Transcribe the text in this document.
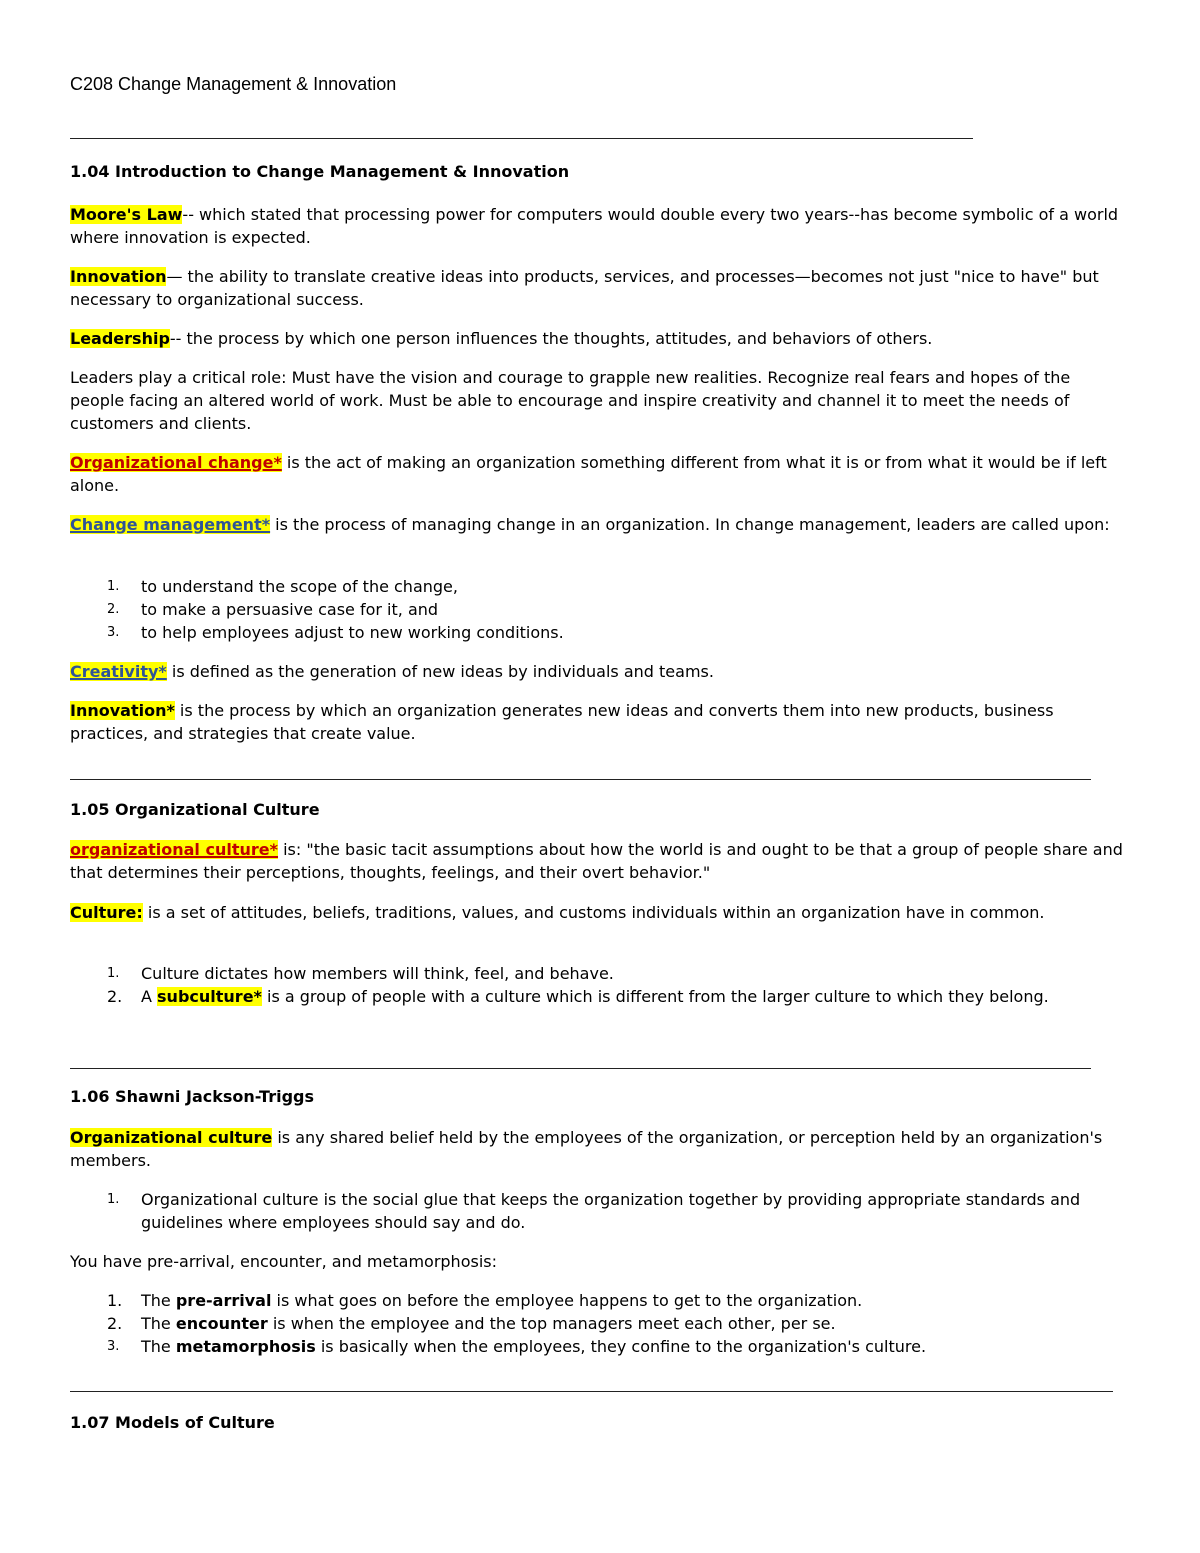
C208 Change Management & Innovation
1.04 Introduction to Change Management & Innovation
Moore's Law-- which stated that processing power for computers would double every two years--has become symbolic of a world where innovation is expected.
Innovation— the ability to translate creative ideas into products, services, and processes—becomes not just "nice to have" but necessary to organizational success.
Leadership-- the process by which one person influences the thoughts, attitudes, and behaviors of others.
Leaders play a critical role: Must have the vision and courage to grapple new realities. Recognize real fears and hopes of the people facing an altered world of work. Must be able to encourage and inspire creativity and channel it to meet the needs of customers and clients.
Organizational change* is the act of making an organization something different from what it is or from what it would be if left alone.
Change management* is the process of managing change in an organization. In change management, leaders are called upon:
1. to understand the scope of the change,
2. to make a persuasive case for it, and
3. to help employees adjust to new working conditions.
Creativity* is defined as the generation of new ideas by individuals and teams.
Innovation* is the process by which an organization generates new ideas and converts them into new products, business practices, and strategies that create value.
1.05 Organizational Culture
organizational culture* is: "the basic tacit assumptions about how the world is and ought to be that a group of people share and that determines their perceptions, thoughts, feelings, and their overt behavior."
Culture: is a set of attitudes, beliefs, traditions, values, and customs individuals within an organization have in common.
1. Culture dictates how members will think, feel, and behave.
2. A subculture* is a group of people with a culture which is different from the larger culture to which they belong.
1.06 Shawni Jackson-Triggs
Organizational culture is any shared belief held by the employees of the organization, or perception held by an organization's members.
1. Organizational culture is the social glue that keeps the organization together by providing appropriate standards and guidelines where employees should say and do.
You have pre-arrival, encounter, and metamorphosis:
1. The pre-arrival is what goes on before the employee happens to get to the organization.
2. The encounter is when the employee and the top managers meet each other, per se.
3. The metamorphosis is basically when the employees, they confine to the organization's culture.
1.07 Models of Culture
